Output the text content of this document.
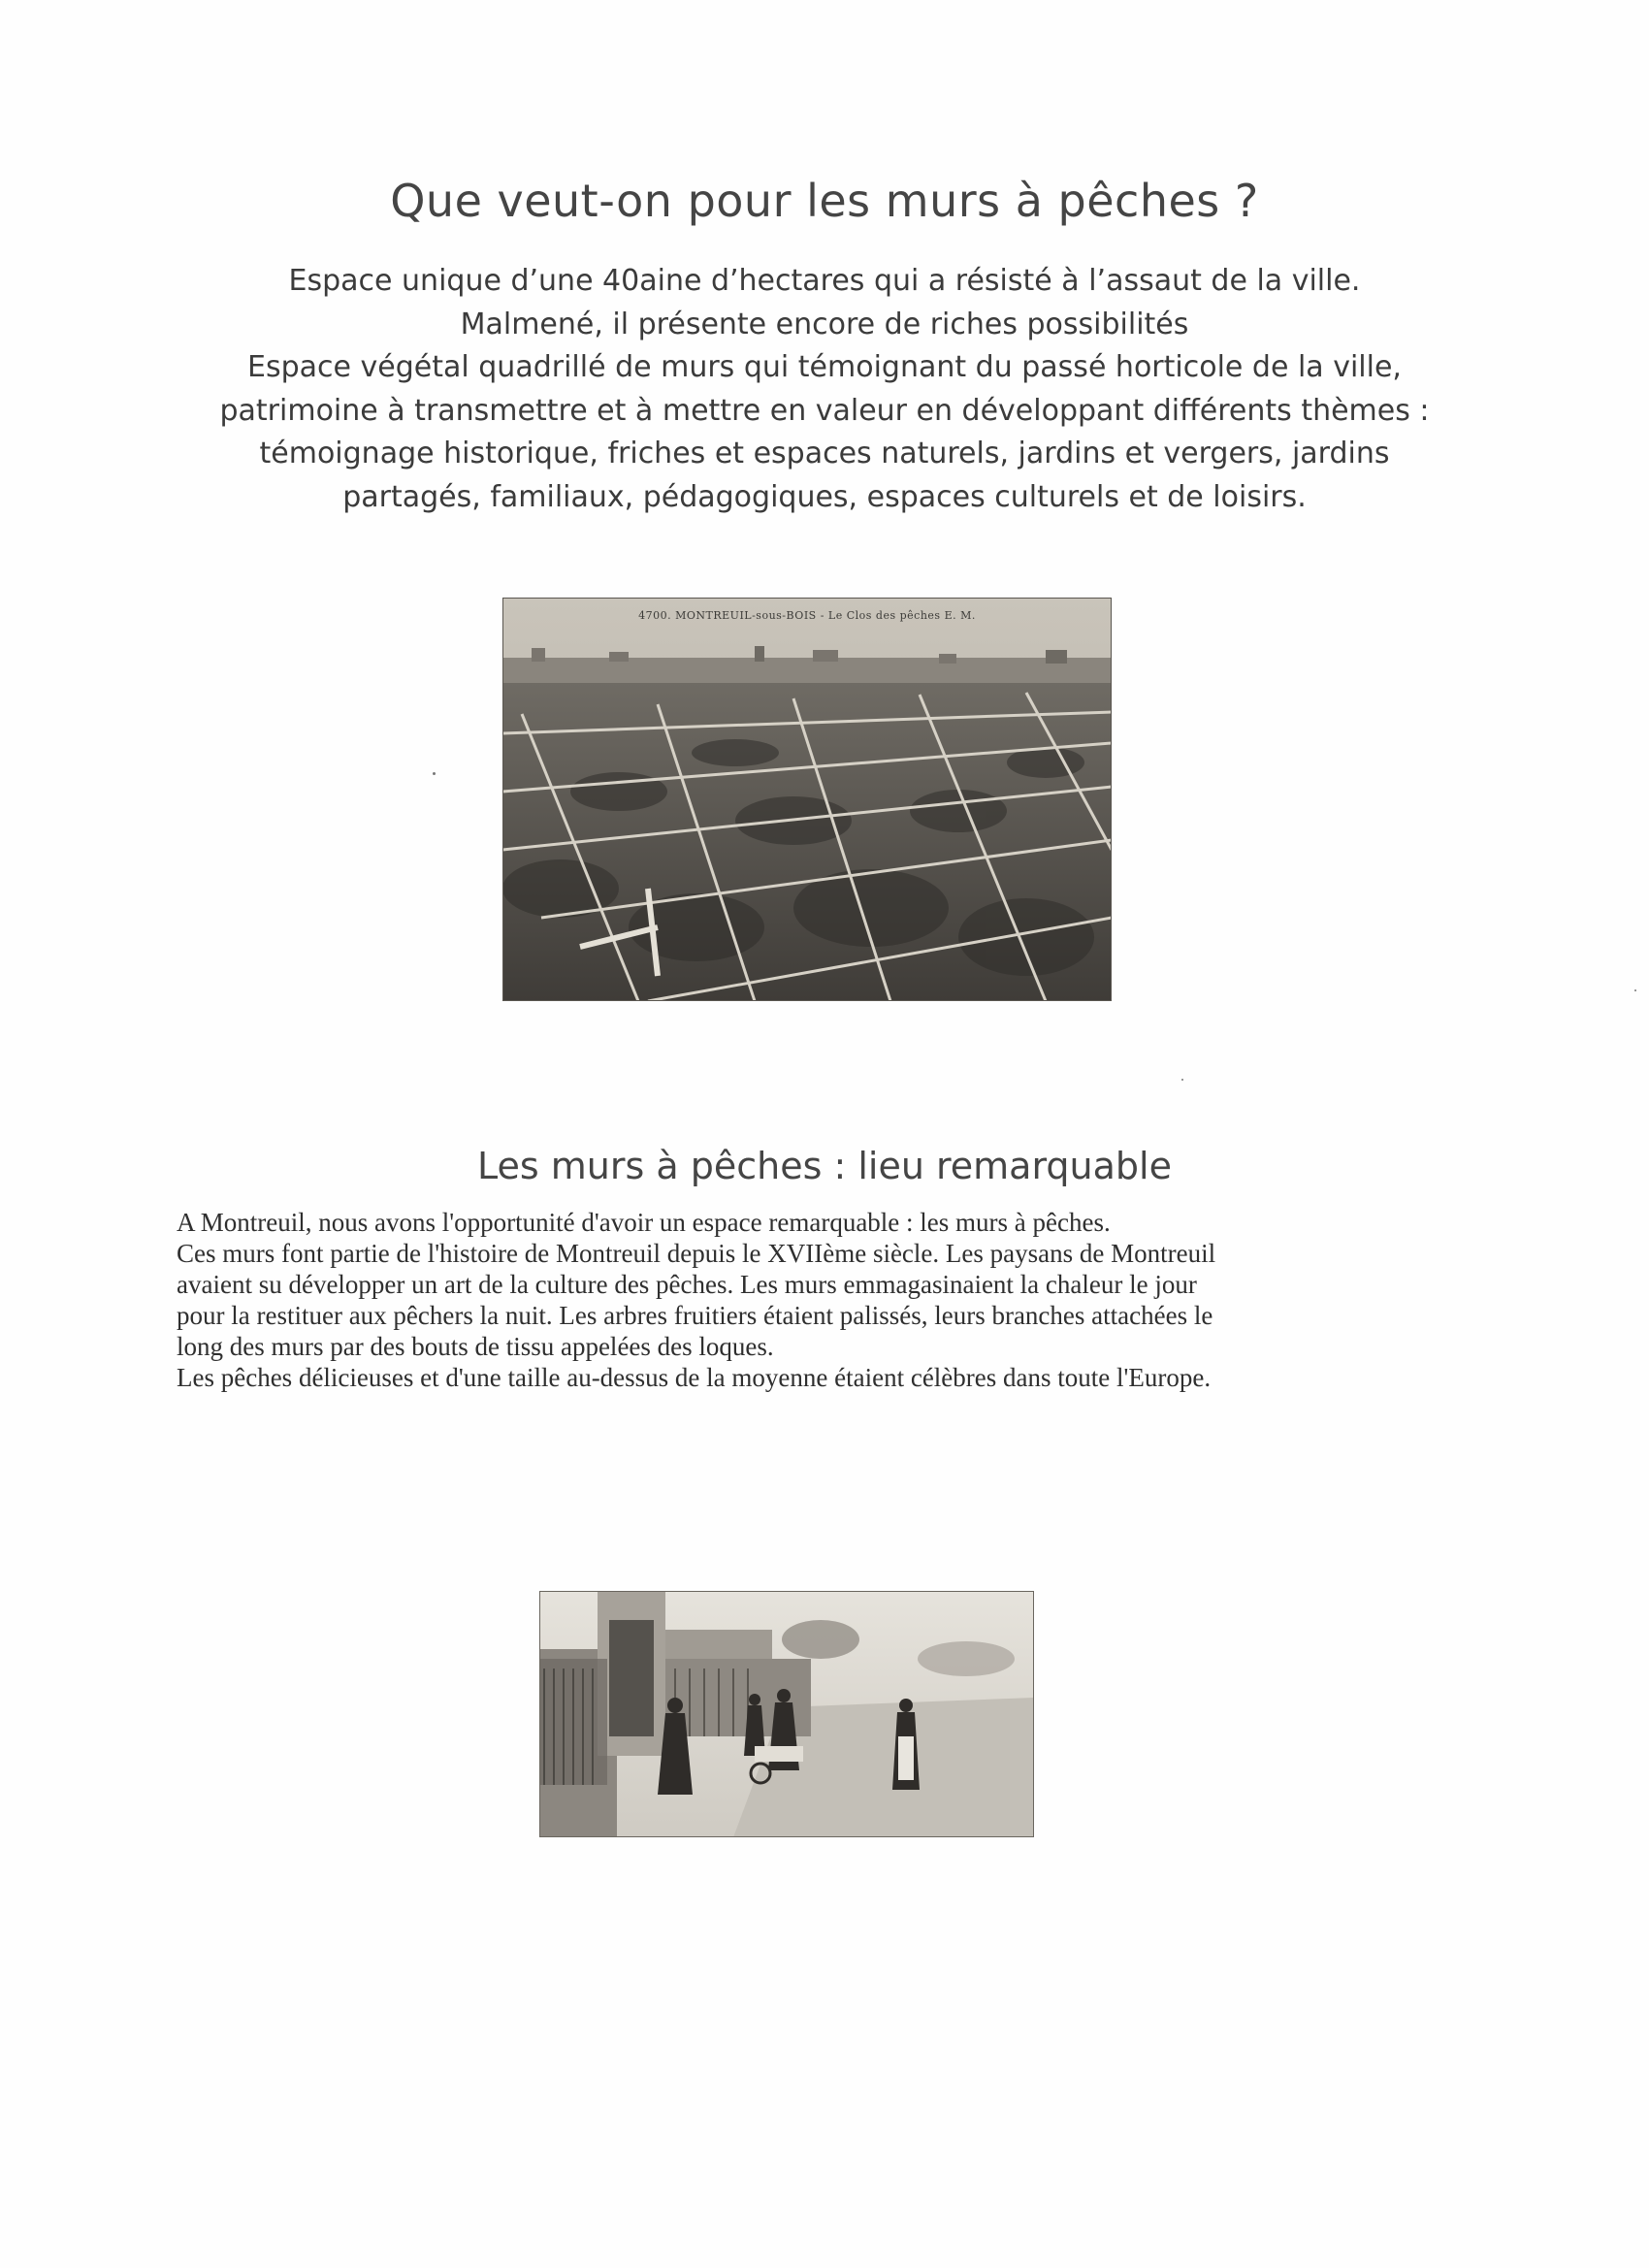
Que veut-on pour les murs à pêches ?
Espace unique d’une 40aine d’hectares qui a résisté à l’assaut de la ville.
Malmené, il présente encore de riches possibilités
Espace végétal quadrillé de murs qui témoignant du passé horticole de la ville,
patrimoine à transmettre et à mettre en valeur en développant différents thèmes :
témoignage historique, friches et espaces naturels, jardins et vergers, jardins
partagés, familiaux, pédagogiques, espaces culturels et de loisirs.
4700. MONTREUIL-sous-BOIS - Le Clos des pêches E. M.
Les murs à pêches : lieu remarquable
A Montreuil, nous avons l'opportunité d'avoir un espace remarquable : les murs à pêches.
Ces murs font partie de l'histoire de Montreuil depuis le XVIIème siècle. Les paysans de Montreuil
avaient su développer un art de la culture des pêches. Les murs emmagasinaient la chaleur le jour
pour la restituer aux pêchers la nuit. Les arbres fruitiers étaient palissés, leurs branches attachées le
long des murs par des bouts de tissu appelées des loques.
Les pêches délicieuses et d'une taille au-dessus de la moyenne étaient célèbres dans toute l'Europe.
